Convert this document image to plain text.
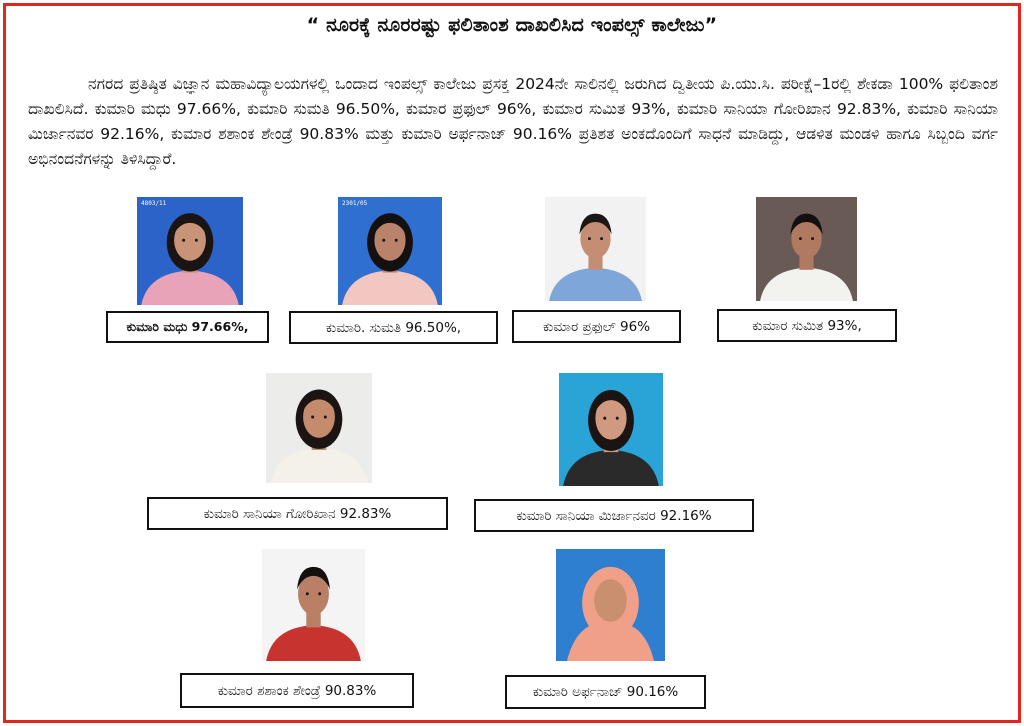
“ ನೂರಕ್ಕೆ ನೂರರಷ್ಟು ಫಲಿತಾಂಶ ದಾಖಲಿಸಿದ ಇಂಪಲ್ಸ್ ಕಾಲೇಜು”
ನಗರದ ಪ್ರತಿಷ್ಠಿತ ವಿಜ್ಞಾನ ಮಹಾವಿದ್ಯಾಲಯಗಳಲ್ಲಿ ಒಂದಾದ ಇಂಪಲ್ಸ್ ಕಾಲೇಜು ಪ್ರಸಕ್ತ 2024ನೇ ಸಾಲಿನಲ್ಲಿ ಜರುಗಿದ ದ್ವಿತೀಯ ಪಿ.ಯು.ಸಿ. ಪರೀಕ್ಷೆ–1ರಲ್ಲಿ ಶೇಕಡಾ 100% ಫಲಿತಾಂಶ ದಾಖಲಿಸಿದೆ. ಕುಮಾರಿ ಮಧು 97.66%, ಕುಮಾರಿ ಸುಮತಿ 96.50%, ಕುಮಾರ ಪ್ರಫುಲ್ 96%, ಕುಮಾರ ಸುಮಿತ 93%, ಕುಮಾರಿ ಸಾನಿಯಾ ಗೋರಿಖಾನ 92.83%, ಕುಮಾರಿ ಸಾನಿಯಾ ಮಿರ್ಜಾನವರ 92.16%, ಕುಮಾರ ಶಶಾಂಕ ಶೇಂಡ್ರೆ 90.83% ಮತ್ತು ಕುಮಾರಿ ಅರ್ಫನಾಜ್ 90.16% ಪ್ರತಿಶತ ಅಂಕದೊಂದಿಗೆ ಸಾಧನೆ ಮಾಡಿದ್ದು, ಆಡಳಿತ ಮಂಡಳಿ ಹಾಗೂ ಸಿಬ್ಬಂದಿ ವರ್ಗ ಅಭಿನಂದನೆಗಳನ್ನು ತಿಳಿಸಿದ್ದಾರೆ.
4803/11
ಕುಮಾರಿ ಮಧು 97.66%,
2301/05
ಕುಮಾರಿ. ಸುಮತಿ 96.50%,	ಕುಮಾರ ಪ್ರಫುಲ್ 96%	ಕುಮಾರ ಸುಮಿತ 93%,
ಕುಮಾರಿ ಸಾನಿಯಾ ಗೋರಿಖಾನ 92.83%	ಕುಮಾರಿ ಸಾನಿಯಾ ಮಿರ್ಜಾನವರ 92.16%
ಕುಮಾರ ಶಶಾಂಕ ಶೇಂಡ್ರೆ 90.83%	ಕುಮಾರಿ ಅರ್ಫನಾಜ್ 90.16%
